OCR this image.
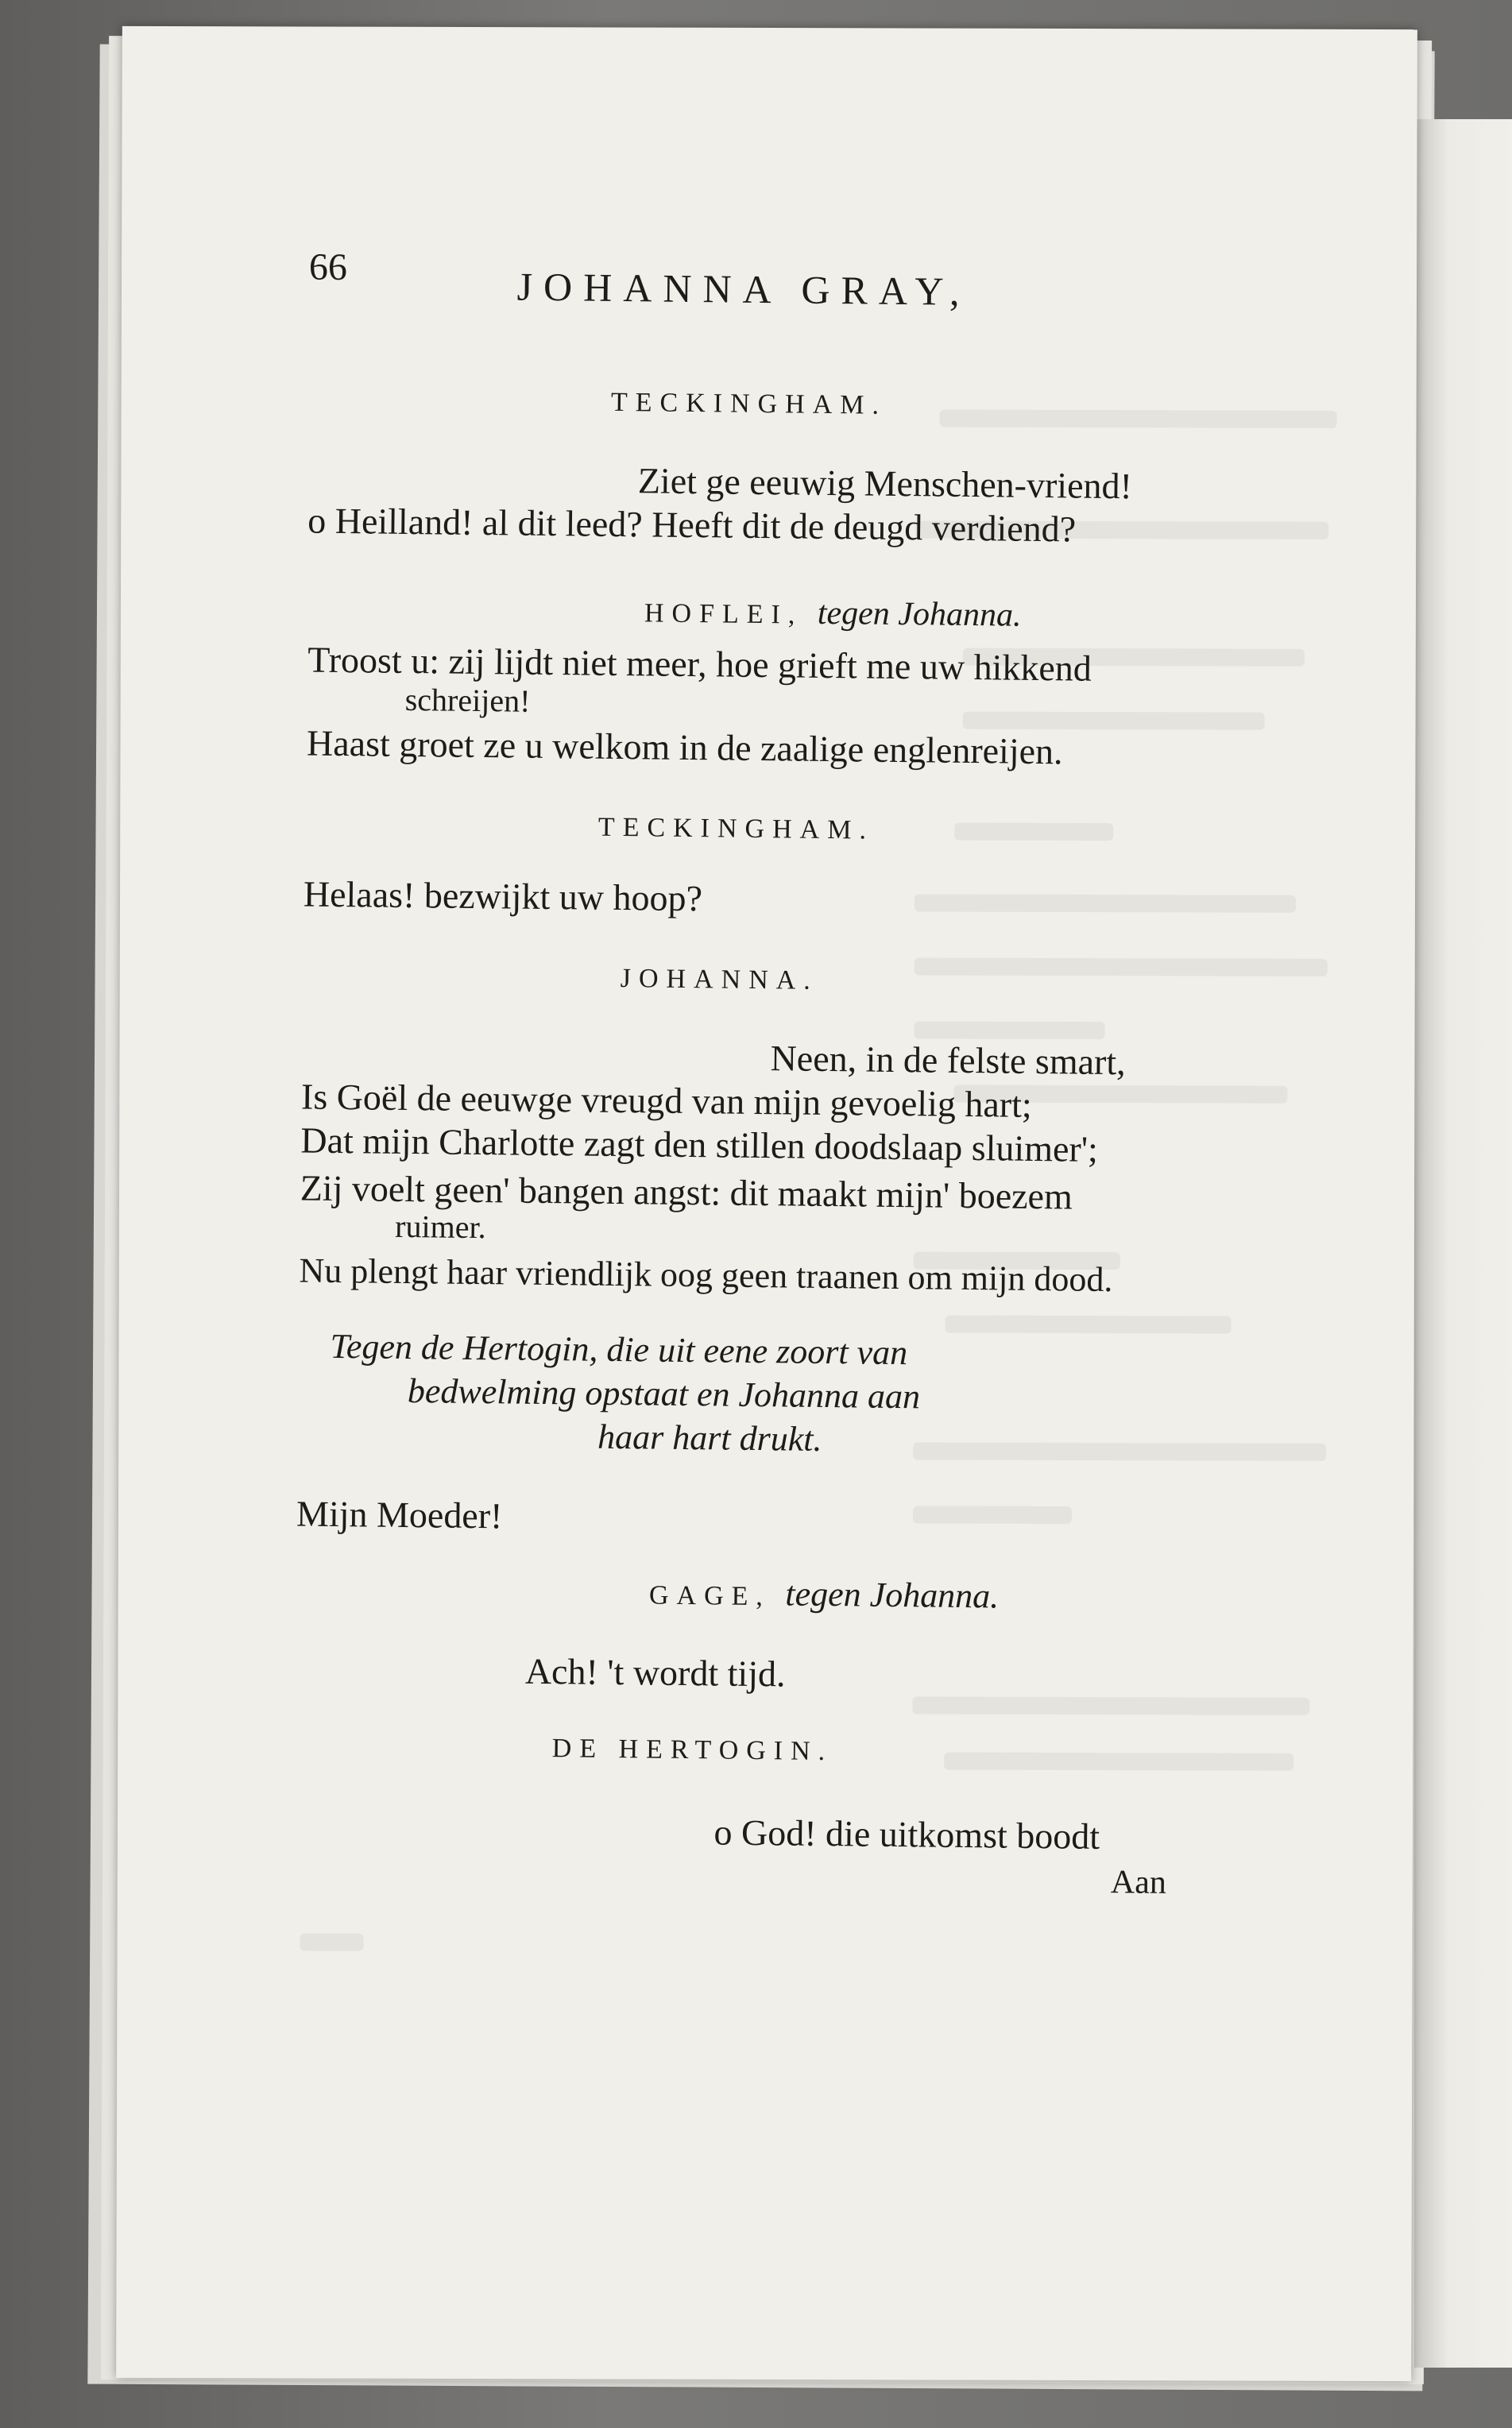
66	JOHANNA GRAY,
TECKINGHAM.
Ziet ge eeuwig Menschen-vriend!
o Heilland! al dit leed? Heeft dit de deugd verdiend?
HOFLEI, tegen Johanna.
Troost u: zij lijdt niet meer, hoe grieft me uw hikkend
schreijen!
Haast groet ze u welkom in de zaalige englenreijen.
TECKINGHAM.
Helaas! bezwijkt uw hoop?
JOHANNA.
Neen, in de felste smart,
Is Goël de eeuwge vreugd van mijn gevoelig hart;
Dat mijn Charlotte zagt den stillen doodslaap sluimer';
Zij voelt geen' bangen angst: dit maakt mijn' boezem
ruimer.
Nu plengt haar vriendlijk oog geen traanen om mijn dood.
Tegen de Hertogin, die uit eene zoort van
bedwelming opstaat en Johanna aan
haar hart drukt.
Mijn Moeder!
GAGE, tegen Johanna.
Ach! 't wordt tijd.
DE HERTOGIN.
o God! die uitkomst boodt
Aan
